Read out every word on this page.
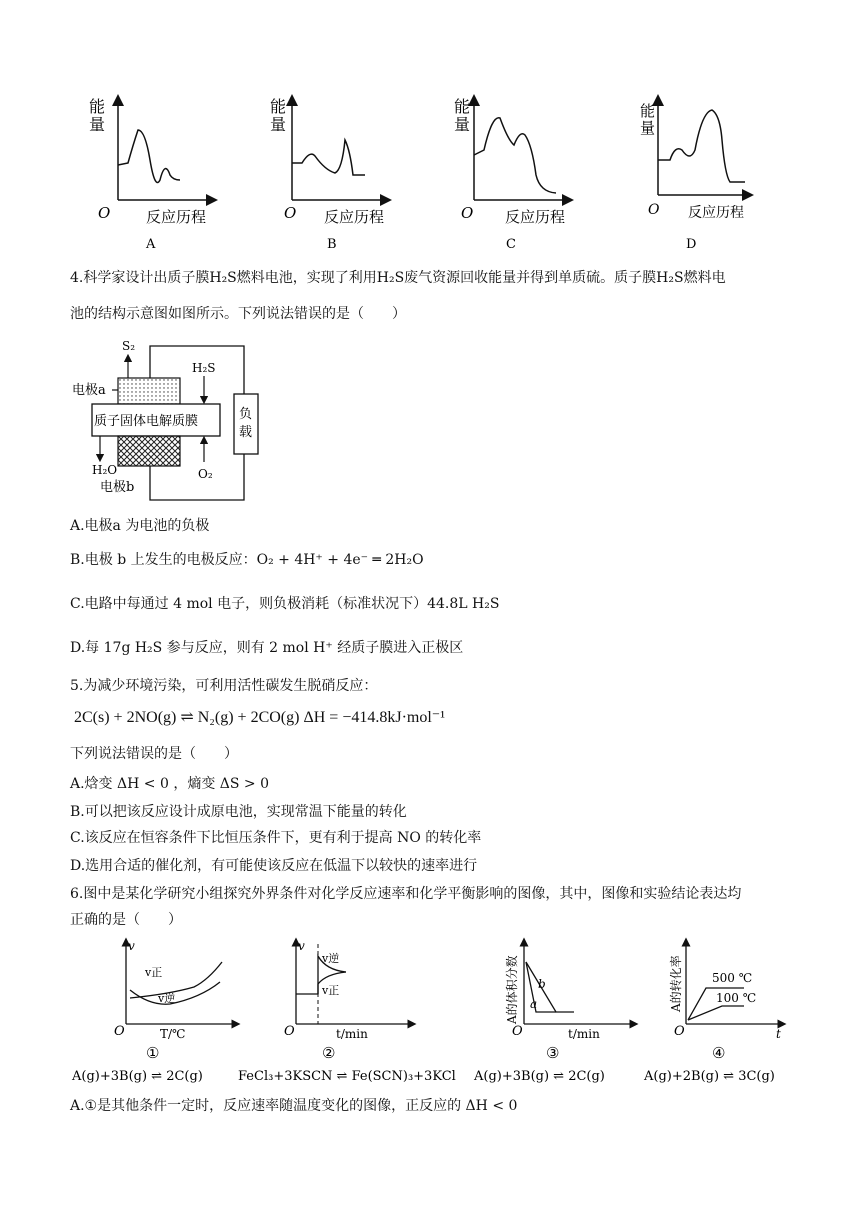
能
量
O 反应历程
A
能
量
O 反应历程
B
能
量
O 反应历程
C
能
量
O 反应历程
D
4.科学家设计出质子膜H₂S燃料电池，实现了利用H₂S废气资源回收能量并得到单质硫。质子膜H₂S燃料电
池的结构示意图如图所示。下列说法错误的是（　　）
负
载
质子固体电解质膜
S₂
H₂S
电极a
H₂O	O₂
电极b
A.电极a 为电池的负极
B.电极 b 上发生的电极反应：O₂ + 4H⁺ + 4e⁻ ═ 2H₂O
C.电路中每通过 4 mol 电子，则负极消耗（标准状况下）44.8L H₂S
D.每 17g H₂S 参与反应，则有 2 mol H⁺ 经质子膜进入正极区
5.为减少环境污染，可利用活性碳发生脱硝反应：
2C(s) + 2NO(g) ⇌ N₂(g) + 2CO(g) ΔH = −414.8kJ·mol⁻¹
下列说法错误的是（　　）
A.焓变 ΔH < 0 ，熵变 ΔS > 0
B.可以把该反应设计成原电池，实现常温下能量的转化
C.该反应在恒容条件下比恒压条件下，更有利于提高 NO 的转化率
D.选用合适的催化剂，有可能使该反应在低温下以较快的速率进行
6.图中是某化学研究小组探究外界条件对化学反应速率和化学平衡影响的图像，其中，图像和实验结论表达均
正确的是（　　）
v
v正
v逆
O	T/℃
①
A(g)+3B(g) ⇌ 2C(g)
v
v逆
v正
O	t/min
②
FeCl₃+3KSCN ⇌ Fe(SCN)₃+3KCl
A的体积分数 b
a
O	t/min
③
A(g)+3B(g) ⇌ 2C(g)
A的转化率 500 ℃
100 ℃
O	t
④
A(g)+2B(g) ⇌ 3C(g)
A.①是其他条件一定时，反应速率随温度变化的图像，正反应的 ΔH < 0
